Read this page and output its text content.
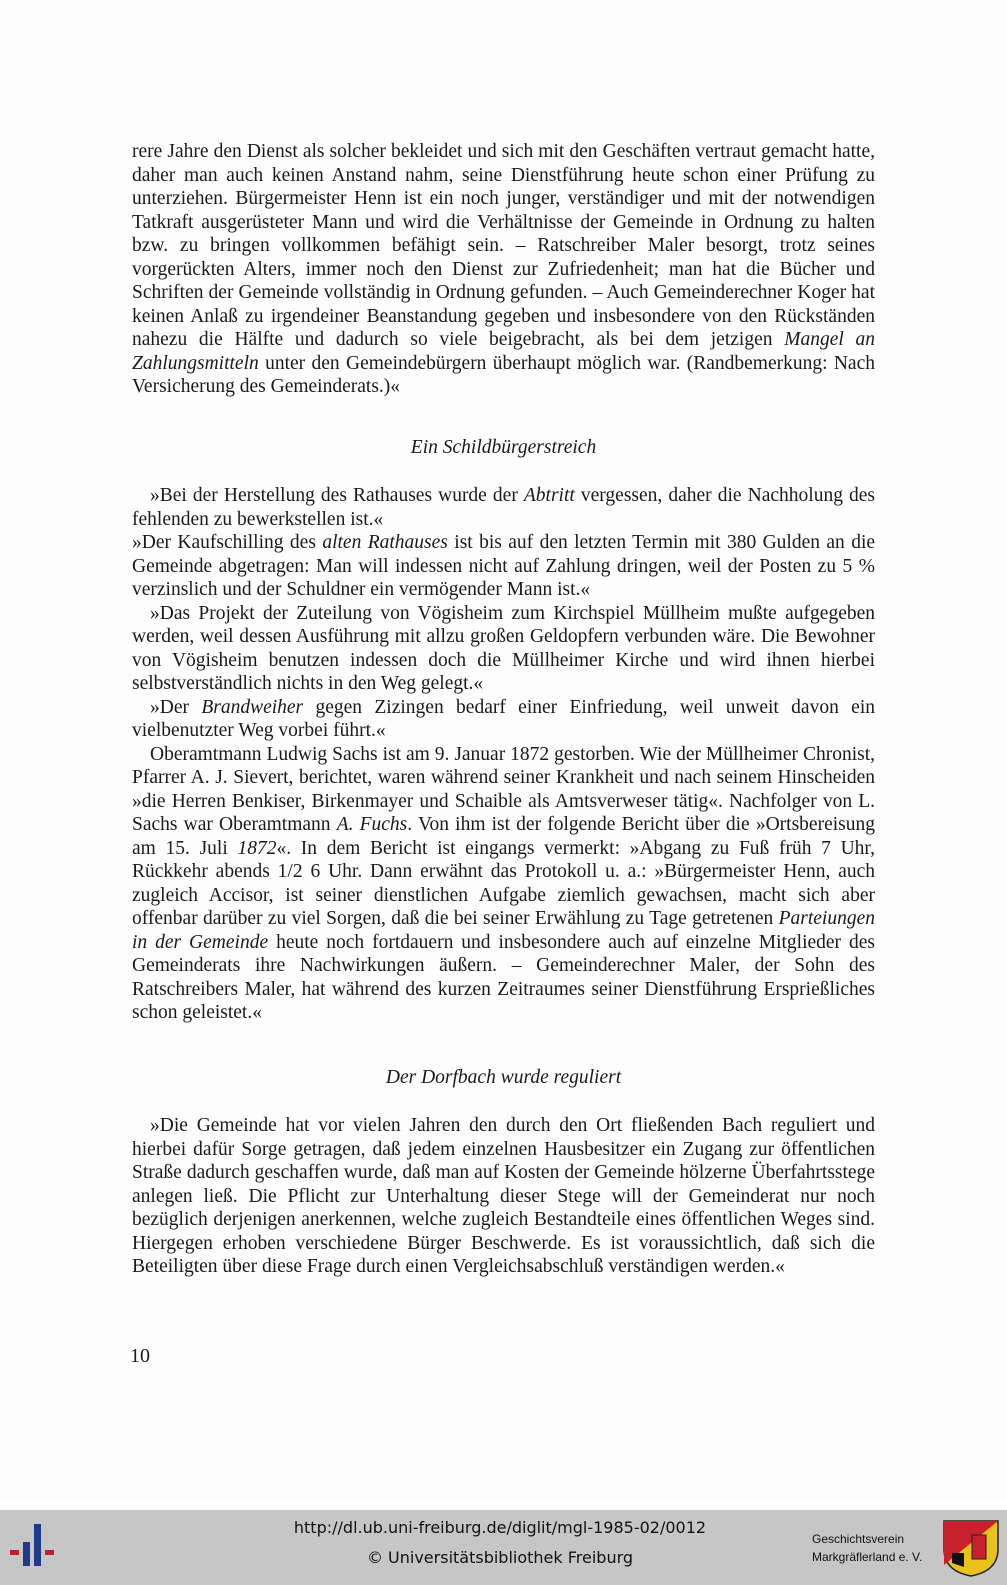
rere Jahre den Dienst als solcher bekleidet und sich mit den Geschäften vertraut gemacht hatte, daher man auch keinen Anstand nahm, seine Dienstführung heute schon einer Prüfung zu unterziehen. Bürgermeister Henn ist ein noch junger, verständiger und mit der notwendigen Tatkraft ausgerüsteter Mann und wird die Verhältnisse der Gemeinde in Ordnung zu halten bzw. zu bringen vollkommen befähigt sein. – Ratschreiber Maler besorgt, trotz seines vorgerückten Alters, immer noch den Dienst zur Zufriedenheit; man hat die Bücher und Schriften der Gemeinde vollständig in Ordnung gefunden. – Auch Gemeinderechner Koger hat keinen Anlaß zu irgendeiner Beanstandung gegeben und insbesondere von den Rückständen nahezu die Hälfte und dadurch so viele beigebracht, als bei dem jetzigen Mangel an Zahlungsmitteln unter den Gemeindebürgern überhaupt möglich war. (Randbemerkung: Nach Versicherung des Gemeinderats.)«

Ein Schildbürgerstreich

»Bei der Herstellung des Rathauses wurde der Abtritt vergessen, daher die Nachholung des fehlenden zu bewerkstellen ist.«

»Der Kaufschilling des alten Rathauses ist bis auf den letzten Termin mit 380 Gulden an die Gemeinde abgetragen: Man will indessen nicht auf Zahlung dringen, weil der Posten zu 5 % verzinslich und der Schuldner ein vermögender Mann ist.«

»Das Projekt der Zuteilung von Vögisheim zum Kirchspiel Müllheim mußte aufgegeben werden, weil dessen Ausführung mit allzu großen Geldopfern verbunden wäre. Die Bewohner von Vögisheim benutzen indessen doch die Müllheimer Kirche und wird ihnen hierbei selbstverständlich nichts in den Weg gelegt.«

»Der Brandweiher gegen Zizingen bedarf einer Einfriedung, weil unweit davon ein vielbenutzter Weg vorbei führt.«

Oberamtmann Ludwig Sachs ist am 9. Januar 1872 gestorben. Wie der Müllheimer Chronist, Pfarrer A. J. Sievert, berichtet, waren während seiner Krankheit und nach seinem Hinscheiden »die Herren Benkiser, Birkenmayer und Schaible als Amtsverweser tätig«. Nachfolger von L. Sachs war Oberamtmann A. Fuchs. Von ihm ist der folgende Bericht über die »Ortsbereisung am 15. Juli 1872«. In dem Bericht ist eingangs vermerkt: »Abgang zu Fuß früh 7 Uhr, Rückkehr abends 1/2 6 Uhr. Dann erwähnt das Protokoll u. a.: »Bürgermeister Henn, auch zugleich Accisor, ist seiner dienstlichen Aufgabe ziemlich gewachsen, macht sich aber offenbar darüber zu viel Sorgen, daß die bei seiner Erwählung zu Tage getretenen Parteiungen in der Gemeinde heute noch fortdauern und insbesondere auch auf einzelne Mitglieder des Gemeinderats ihre Nachwirkungen äußern. – Gemeinderechner Maler, der Sohn des Ratschreibers Maler, hat während des kurzen Zeitraumes seiner Dienstführung Ersprießliches schon geleistet.«

Der Dorfbach wurde reguliert

»Die Gemeinde hat vor vielen Jahren den durch den Ort fließenden Bach reguliert und hierbei dafür Sorge getragen, daß jedem einzelnen Hausbesitzer ein Zugang zur öffentlichen Straße dadurch geschaffen wurde, daß man auf Kosten der Gemeinde hölzerne Überfahrtsstege anlegen ließ. Die Pflicht zur Unterhaltung dieser Stege will der Gemeinderat nur noch bezüglich derjenigen anerkennen, welche zugleich Bestandteile eines öffentlichen Weges sind. Hiergegen erhoben verschiedene Bürger Beschwerde. Es ist voraussichtlich, daß sich die Beteiligten über diese Frage durch einen Vergleichsabschluß verständigen werden.«

10
http://dl.ub.uni-freiburg.de/diglit/mgl-1985-02/0012
© Universitätsbibliothek Freiburg
Geschichtsverein
Markgräflerland e. V.
